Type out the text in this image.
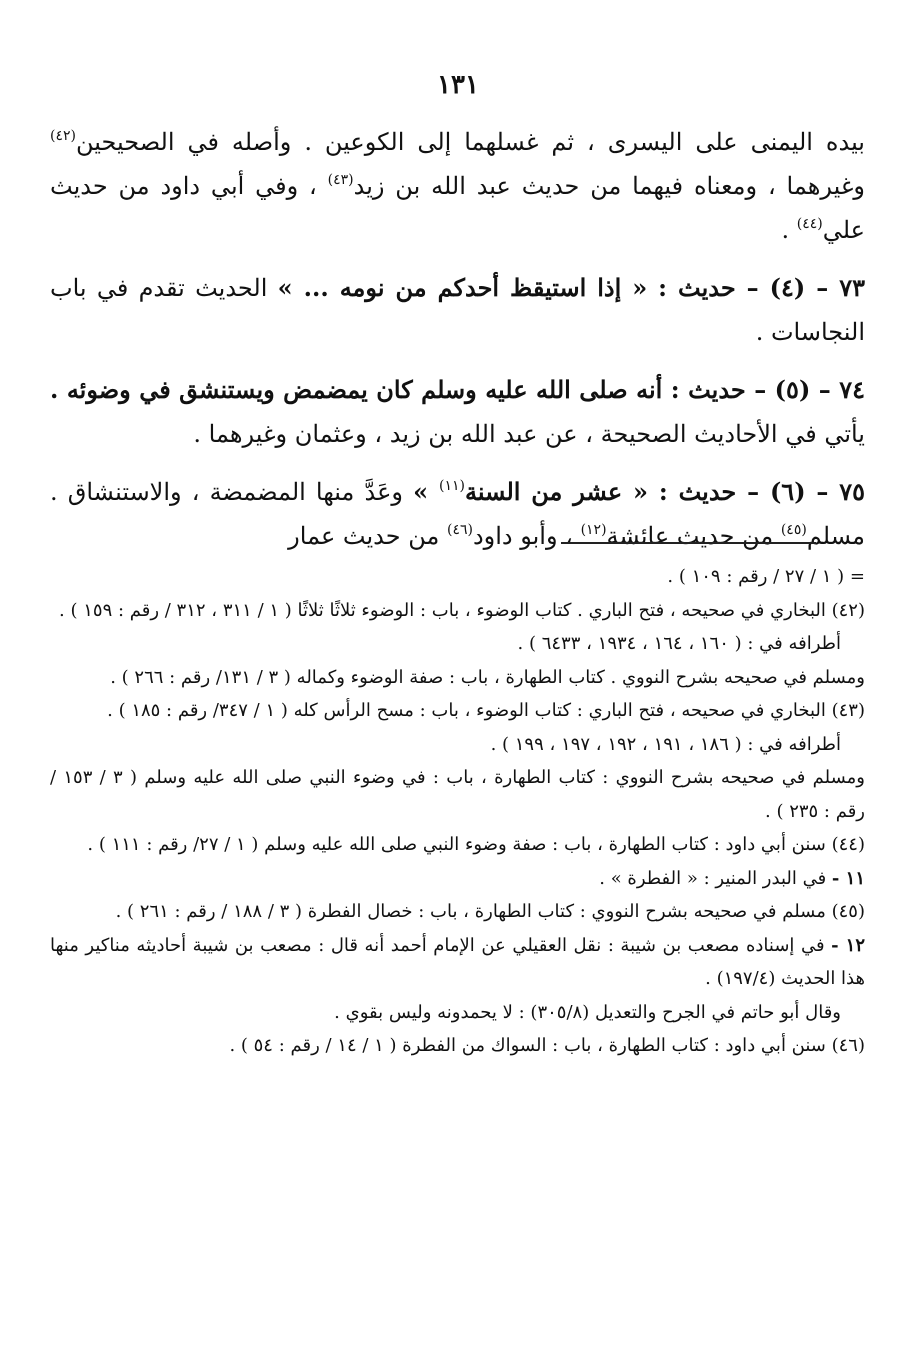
١٣١

بيده اليمنى على اليسرى ، ثم غسلهما إلى الكوعين . وأصله في الصحيحين$^{(٤٢)}$ وغيرهما ، ومعناه فيهما من حديث عبد الله بن زيد$^{(٤٣)}$ ، وفي أبي داود من حديث علي$^{(٤٤)}$ .

٧٣ – (٤) – حديث : « إذا استيقظ أحدكم من نومه ... » الحديث تقدم في باب النجاسات .

٧٤ – (٥) – حديث : أنه صلى الله عليه وسلم كان يمضمض ويستنشق في وضوئه . يأتي في الأحاديث الصحيحة ، عن عبد الله بن زيد ، وعثمان وغيرهما .

٧٥ – (٦) – حديث : « عشر من السنة$^{(١١)}$ » وعَدَّ منها المضمضة ، والاستنشاق . مسلم$^{(٤٥)}$ من حديث عائشة$^{(١٢)}$ ، وأبو داود$^{(٤٦)}$ من حديث عمار

= ( ١ / ٢٧ / رقم : ١٠٩ ) .

(٤٢) البخاري في صحيحه ، فتح الباري . كتاب الوضوء ، باب : الوضوء ثلاثًا ثلاثًا ( ١ / ٣١١ ، ٣١٢ / رقم : ١٥٩ ) .

أطرافه في : ( ١٦٠ ، ١٦٤ ، ١٩٣٤ ، ٦٤٣٣ ) .

ومسلم في صحيحه بشرح النووي . كتاب الطهارة ، باب : صفة الوضوء وكماله ( ٣ / ١٣١/ رقم : ٢٦٦ ) .

(٤٣) البخاري في صحيحه ، فتح الباري : كتاب الوضوء ، باب : مسح الرأس كله ( ١ / ٣٤٧/ رقم : ١٨٥ ) .

أطرافه في : ( ١٨٦ ، ١٩١ ، ١٩٢ ، ١٩٧ ، ١٩٩ ) .

ومسلم في صحيحه بشرح النووي : كتاب الطهارة ، باب : في وضوء النبي صلى الله عليه وسلم ( ٣ / ١٥٣ / رقم : ٢٣٥ ) .

(٤٤) سنن أبي داود : كتاب الطهارة ، باب : صفة وضوء النبي صلى الله عليه وسلم ( ١ / ٢٧/ رقم : ١١١ ) .

١١ - في البدر المنير : « الفطرة » .

(٤٥) مسلم في صحيحه بشرح النووي : كتاب الطهارة ، باب : خصال الفطرة ( ٣ / ١٨٨ / رقم : ٢٦١ ) .

١٢ - في إسناده مصعب بن شيبة : نقل العقيلي عن الإمام أحمد أنه قال : مصعب بن شيبة أحاديثه مناكير منها هذا الحديث (١٩٧/٤) .

وقال أبو حاتم في الجرح والتعديل (٣٠٥/٨) : لا يحمدونه وليس بقوي .

(٤٦) سنن أبي داود : كتاب الطهارة ، باب : السواك من الفطرة ( ١ / ١٤ / رقم : ٥٤ ) .
